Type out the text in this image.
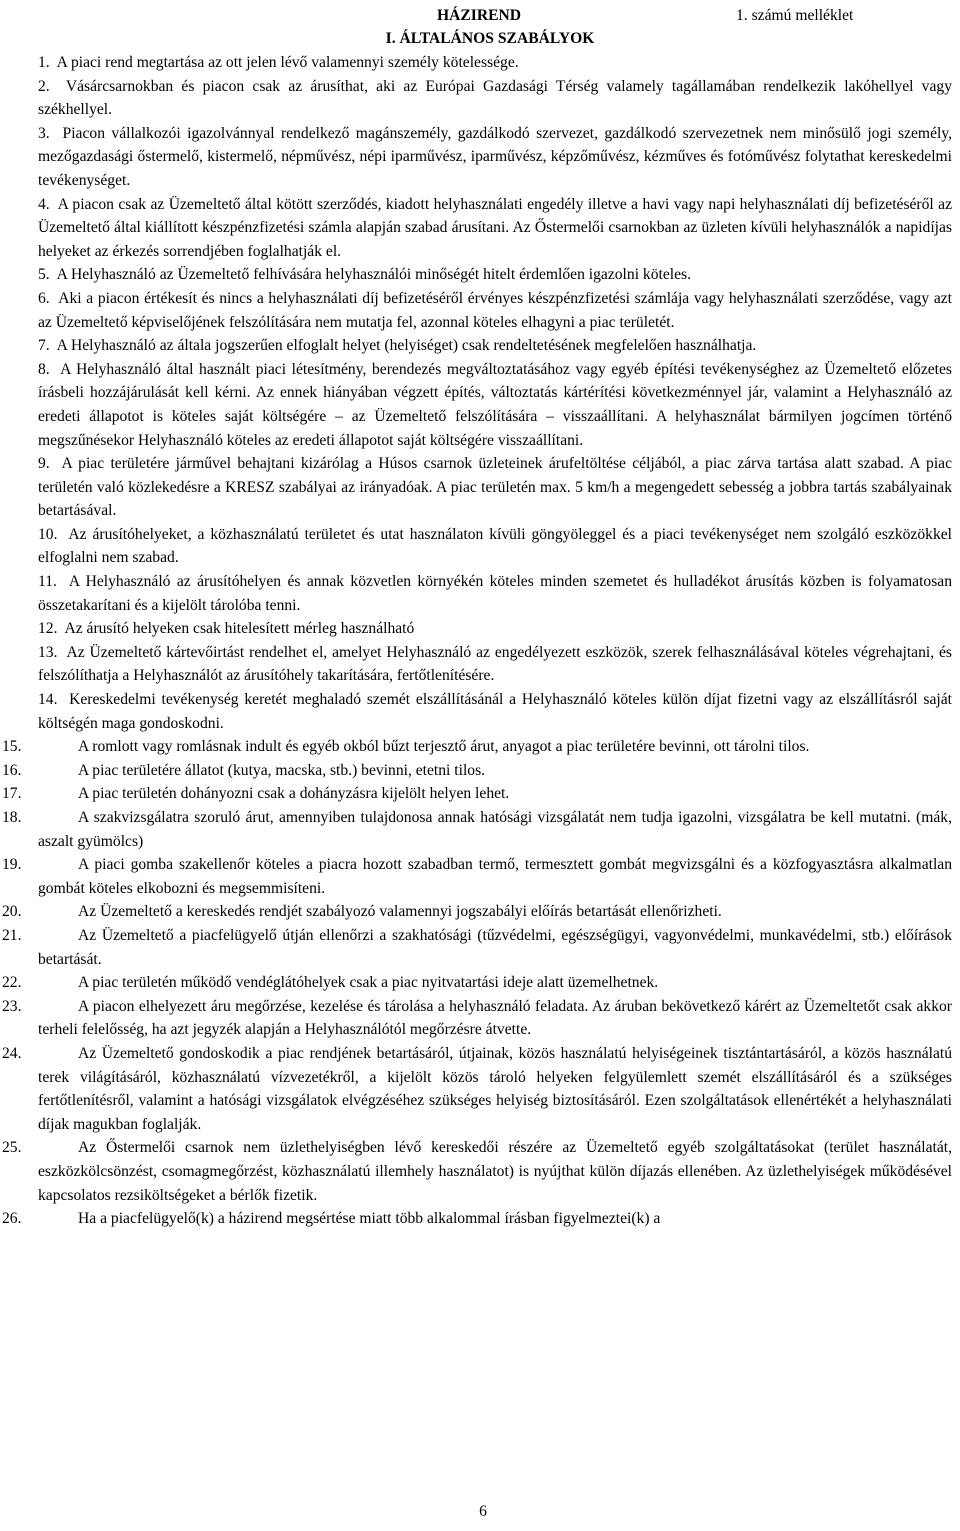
HÁZIREND	1. számú melléklet
I. ÁLTALÁNOS SZABÁLYOK

1. A piaci rend megtartása az ott jelen lévő valamennyi személy kötelessége.

2. Vásárcsarnokban és piacon csak az árusíthat, aki az Európai Gazdasági Térség valamely tagállamában rendelkezik lakóhellyel vagy székhellyel.

3. Piacon vállalkozói igazolvánnyal rendelkező magánszemély, gazdálkodó szervezet, gazdálkodó szervezetnek nem minősülő jogi személy, mezőgazdasági őstermelő, kistermelő, népművész, népi iparművész, iparművész, képzőművész, kézműves és fotóművész folytathat kereskedelmi tevékenységet.

4. A piacon csak az Üzemeltető által kötött szerződés, kiadott helyhasználati engedély illetve a havi vagy napi helyhasználati díj befizetéséről az Üzemeltető által kiállított készpénzfizetési számla alapján szabad árusítani. Az Őstermelői csarnokban az üzleten kívüli helyhasználók a napidíjas helyeket az érkezés sorrendjében foglalhatják el.

5. A Helyhasználó az Üzemeltető felhívására helyhasználói minőségét hitelt érdemlően igazolni köteles.

6. Aki a piacon értékesít és nincs a helyhasználati díj befizetéséről érvényes készpénzfizetési számlája vagy helyhasználati szerződése, vagy azt az Üzemeltető képviselőjének felszólítására nem mutatja fel, azonnal köteles elhagyni a piac területét.

7. A Helyhasználó az általa jogszerűen elfoglalt helyet (helyiséget) csak rendeltetésének megfelelően használhatja.

8. A Helyhasználó által használt piaci létesítmény, berendezés megváltoztatásához vagy egyéb építési tevékenységhez az Üzemeltető előzetes írásbeli hozzájárulását kell kérni. Az ennek hiányában végzett építés, változtatás kártérítési következménnyel jár, valamint a Helyhasználó az eredeti állapotot is köteles saját költségére – az Üzemeltető felszólítására – visszaállítani. A helyhasználat bármilyen jogcímen történő megszűnésekor Helyhasználó köteles az eredeti állapotot saját költségére visszaállítani.

9. A piac területére járművel behajtani kizárólag a Húsos csarnok üzleteinek árufeltöltése céljából, a piac zárva tartása alatt szabad. A piac területén való közlekedésre a KRESZ szabályai az irányadóak. A piac területén max. 5 km/h a megengedett sebesség a jobbra tartás szabályainak betartásával.

10. Az árusítóhelyeket, a közhasználatú területet és utat használaton kívüli göngyöleggel és a piaci tevékenységet nem szolgáló eszközökkel elfoglalni nem szabad.

11. A Helyhasználó az árusítóhelyen és annak közvetlen környékén köteles minden szemetet és hulladékot árusítás közben is folyamatosan összetakarítani és a kijelölt tárolóba tenni.

12. Az árusító helyeken csak hitelesített mérleg használható

13. Az Üzemeltető kártevőirtást rendelhet el, amelyet Helyhasználó az engedélyezett eszközök, szerek felhasználásával köteles végrehajtani, és felszólíthatja a Helyhasználót az árusítóhely takarítására, fertőtlenítésére.

14. Kereskedelmi tevékenység keretét meghaladó szemét elszállításánál a Helyhasználó köteles külön díjat fizetni vagy az elszállításról saját költségén maga gondoskodni.

15.	A romlott vagy romlásnak indult és egyéb okból bűzt terjesztő árut, anyagot a piac területére bevinni, ott tárolni tilos.

16.	A piac területére állatot (kutya, macska, stb.) bevinni, etetni tilos.

17.	A piac területén dohányozni csak a dohányzásra kijelölt helyen lehet.

18.	A szakvizsgálatra szoruló árut, amennyiben tulajdonosa annak hatósági vizsgálatát nem tudja igazolni, vizsgálatra be kell mutatni. (mák, aszalt gyümölcs)

19.	A piaci gomba szakellenőr köteles a piacra hozott szabadban termő, termesztett gombát megvizsgálni és a közfogyasztásra alkalmatlan gombát köteles elkobozni és megsemmisíteni.

20.	Az Üzemeltető a kereskedés rendjét szabályozó valamennyi jogszabályi előírás betartását ellenőrizheti.

21.	Az Üzemeltető a piacfelügyelő útján ellenőrzi a szakhatósági (tűzvédelmi, egészségügyi, vagyonvédelmi, munkavédelmi, stb.) előírások betartását.

22.	A piac területén működő vendéglátóhelyek csak a piac nyitvatartási ideje alatt üzemelhetnek.

23.	A piacon elhelyezett áru megőrzése, kezelése és tárolása a helyhasználó feladata. Az áruban bekövetkező kárért az Üzemeltetőt csak akkor terheli felelősség, ha azt jegyzék alapján a Helyhasználótól megőrzésre átvette.

24.	Az Üzemeltető gondoskodik a piac rendjének betartásáról, útjainak, közös használatú helyiségeinek tisztántartásáról, a közös használatú terek világításáról, közhasználatú vízvezetékről, a kijelölt közös tároló helyeken felgyülemlett szemét elszállításáról és a szükséges fertőtlenítésről, valamint a hatósági vizsgálatok elvégzéséhez szükséges helyiség biztosításáról. Ezen szolgáltatások ellenértékét a helyhasználati díjak magukban foglalják.

25.	Az Őstermelői csarnok nem üzlethelyiségben lévő kereskedői részére az Üzemeltető egyéb szolgáltatásokat (terület használatát, eszközkölcsönzést, csomagmegőrzést, közhasználatú illemhely használatot) is nyújthat külön díjazás ellenében. Az üzlethelyiségek működésével kapcsolatos rezsiköltségeket a bérlők fizetik.

26.	Ha a piacfelügyelő(k) a házirend megsértése miatt több alkalommal írásban figyelmeztei(k) a

6
